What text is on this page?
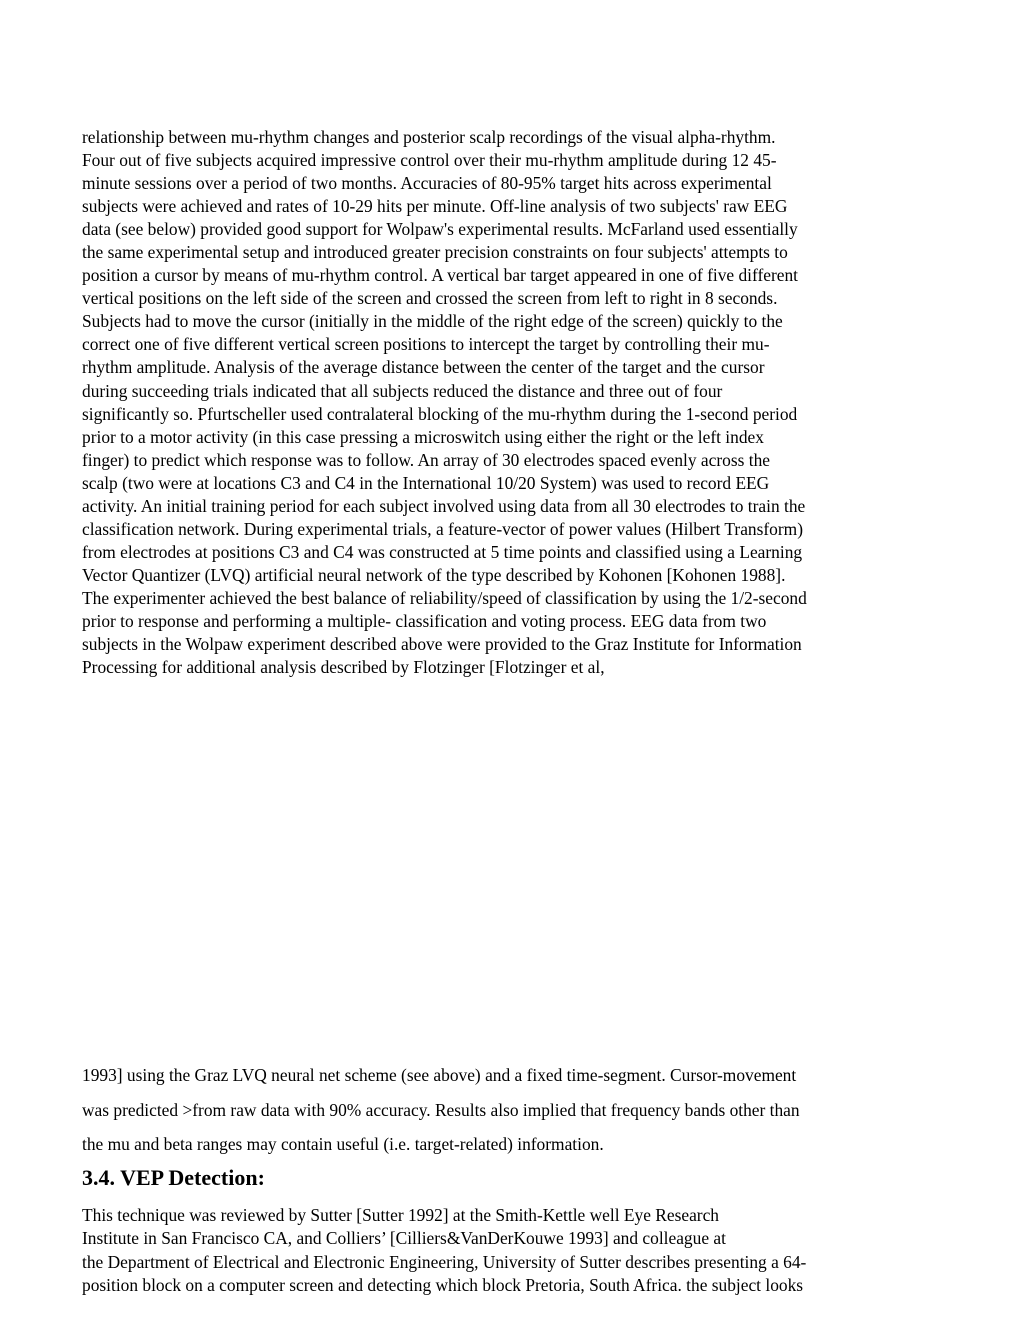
relationship between mu-rhythm changes and posterior scalp recordings of the visual alpha-rhythm.
Four out of five subjects acquired impressive control over their mu-rhythm amplitude during 12 45-
minute sessions over a period of two months. Accuracies of 80-95% target hits across experimental
subjects were achieved and rates of 10-29 hits per minute. Off-line analysis of two subjects' raw EEG
data (see below) provided good support for Wolpaw's experimental results. McFarland used essentially
the same experimental setup and introduced greater precision constraints on four subjects' attempts to
position a cursor by means of mu-rhythm control. A vertical bar target appeared in one of five different
vertical positions on the left side of the screen and crossed the screen from left to right in 8 seconds.
Subjects had to move the cursor (initially in the middle of the right edge of the screen) quickly to the
correct one of five different vertical screen positions to intercept the target by controlling their mu-
rhythm amplitude. Analysis of the average distance between the center of the target and the cursor
during succeeding trials indicated that all subjects reduced the distance and three out of four
significantly so. Pfurtscheller used contralateral blocking of the mu-rhythm during the 1-second period
prior to a motor activity (in this case pressing a microswitch using either the right or the left index
finger) to predict which response was to follow. An array of 30 electrodes spaced evenly across the
scalp (two were at locations C3 and C4 in the International 10/20 System) was used to record EEG
activity. An initial training period for each subject involved using data from all 30 electrodes to train the
classification network. During experimental trials, a feature-vector of power values (Hilbert Transform)
from electrodes at positions C3 and C4 was constructed at 5 time points and classified using a Learning
Vector Quantizer (LVQ) artificial neural network of the type described by Kohonen [Kohonen 1988].
The experimenter achieved the best balance of reliability/speed of classification by using the 1/2-second
prior to response and performing a multiple- classification and voting process. EEG data from two
subjects in the Wolpaw experiment described above were provided to the Graz Institute for Information
Processing for additional analysis described by Flotzinger [Flotzinger et al,
1993] using the Graz LVQ neural net scheme (see above) and a fixed time-segment. Cursor-movement
was predicted >from raw data with 90% accuracy. Results also implied that frequency bands other than
the mu and beta ranges may contain useful (i.e. target-related) information.
3.4. VEP Detection:
This technique was reviewed by Sutter [Sutter 1992] at the Smith-Kettle well Eye Research
Institute in San Francisco CA, and Colliers’ [Cilliers&VanDerKouwe 1993] and colleague at
the Department of Electrical and Electronic Engineering, University of Sutter describes presenting a 64-
position block on a computer screen and detecting which block Pretoria, South Africa. the subject looks
